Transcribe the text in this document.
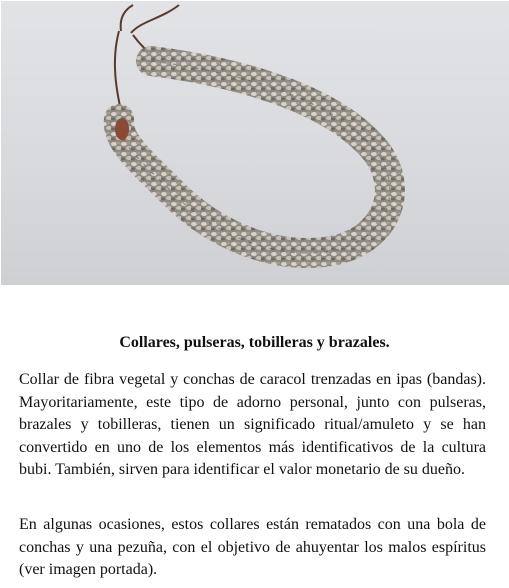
Collares, pulseras, tobilleras y brazales.

Collar de fibra vegetal y conchas de caracol trenzadas en ipas (bandas). Mayoritariamente, este tipo de adorno personal, junto con pulseras, brazales y tobilleras, tienen un significado ritual/amuleto y se han convertido en uno de los elementos más identificativos de la cultura bubi. También, sirven para identificar el valor monetario de su dueño.

En algunas ocasiones, estos collares están rematados con una bola de conchas y una pezuña, con el objetivo de ahuyentar los malos espíritus (ver imagen portada).
